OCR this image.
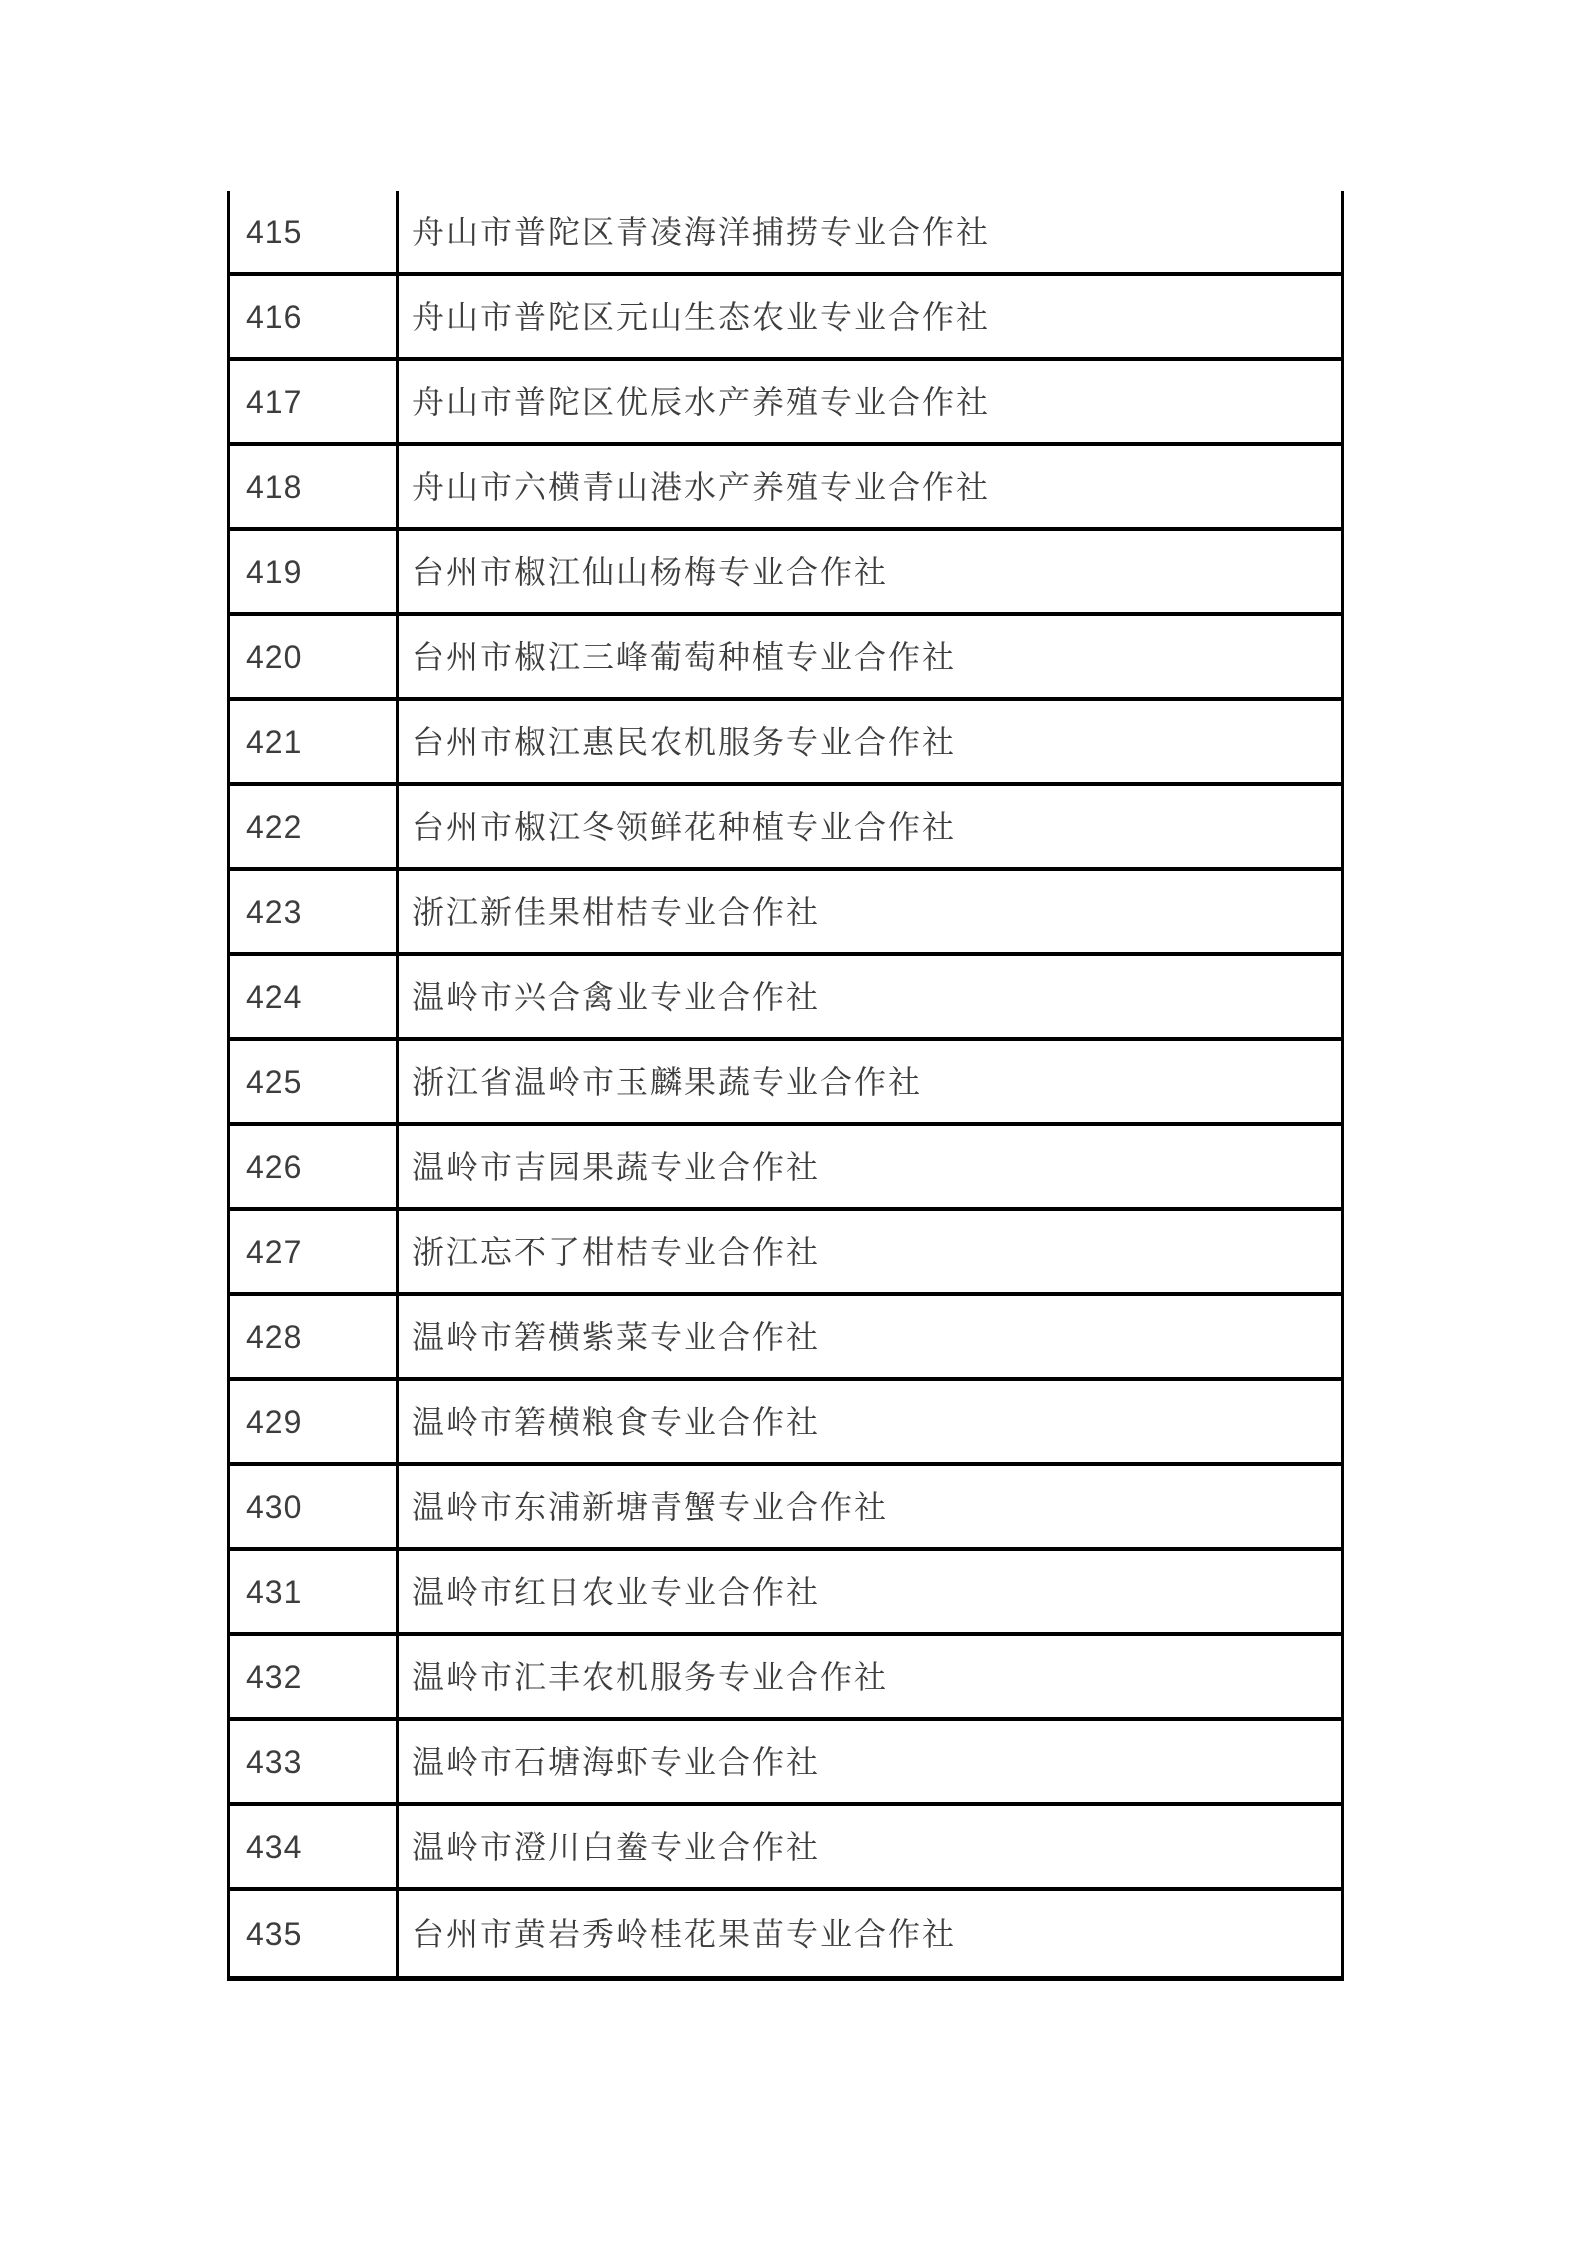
415	舟山市普陀区青凌海洋捕捞专业合作社
416	舟山市普陀区元山生态农业专业合作社
417	舟山市普陀区优辰水产养殖专业合作社
418	舟山市六横青山港水产养殖专业合作社
419	台州市椒江仙山杨梅专业合作社
420	台州市椒江三峰葡萄种植专业合作社
421	台州市椒江惠民农机服务专业合作社
422	台州市椒江冬领鲜花种植专业合作社
423	浙江新佳果柑桔专业合作社
424	温岭市兴合禽业专业合作社
425	浙江省温岭市玉麟果蔬专业合作社
426	温岭市吉园果蔬专业合作社
427	浙江忘不了柑桔专业合作社
428	温岭市箬横紫菜专业合作社
429	温岭市箬横粮食专业合作社
430	温岭市东浦新塘青蟹专业合作社
431	温岭市红日农业专业合作社
432	温岭市汇丰农机服务专业合作社
433	温岭市石塘海虾专业合作社
434	温岭市澄川白鲞专业合作社
435	台州市黄岩秀岭桂花果苗专业合作社
